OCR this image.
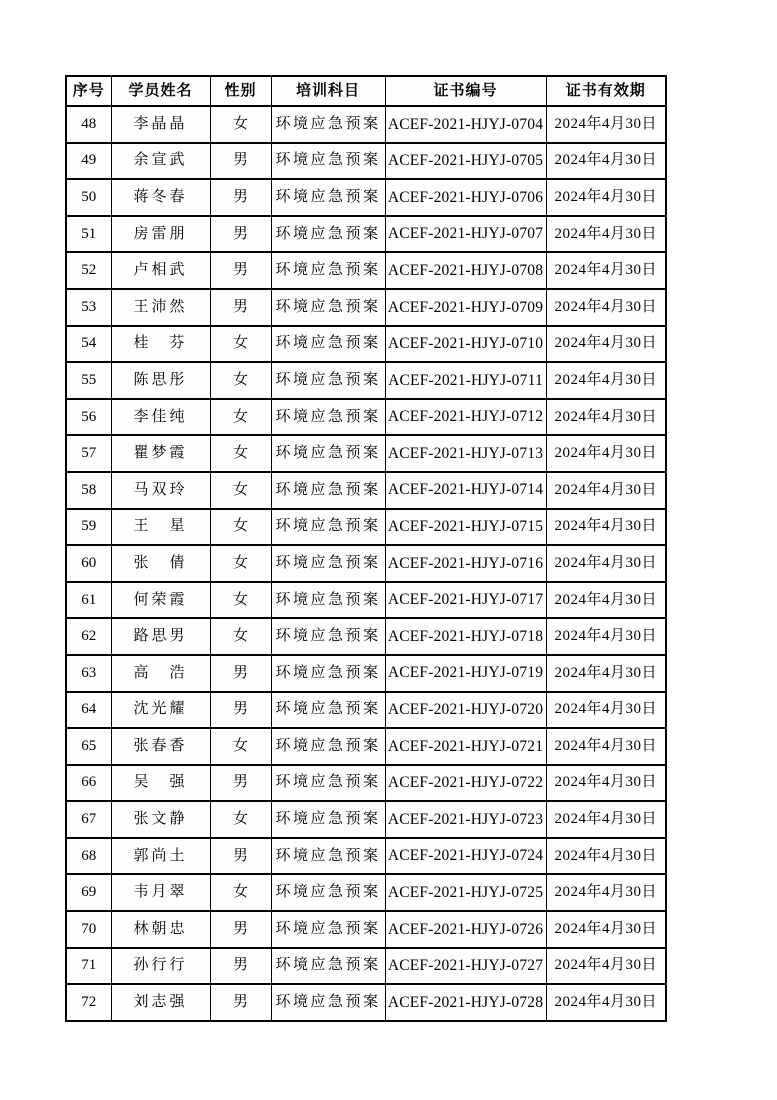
序号	学员姓名	性别	培训科目	证书编号	证书有效期
48	李晶晶	女	环境应急预案	ACEF-2021-HJYJ-0704	2024年4月30日
49	余宣武	男	环境应急预案	ACEF-2021-HJYJ-0705	2024年4月30日
50	蒋冬春	男	环境应急预案	ACEF-2021-HJYJ-0706	2024年4月30日
51	房雷朋	男	环境应急预案	ACEF-2021-HJYJ-0707	2024年4月30日
52	卢相武	男	环境应急预案	ACEF-2021-HJYJ-0708	2024年4月30日
53	王沛然	男	环境应急预案	ACEF-2021-HJYJ-0709	2024年4月30日
54	桂　芬	女	环境应急预案	ACEF-2021-HJYJ-0710	2024年4月30日
55	陈思彤	女	环境应急预案	ACEF-2021-HJYJ-0711	2024年4月30日
56	李佳纯	女	环境应急预案	ACEF-2021-HJYJ-0712	2024年4月30日
57	瞿梦霞	女	环境应急预案	ACEF-2021-HJYJ-0713	2024年4月30日
58	马双玲	女	环境应急预案	ACEF-2021-HJYJ-0714	2024年4月30日
59	王　星	女	环境应急预案	ACEF-2021-HJYJ-0715	2024年4月30日
60	张　倩	女	环境应急预案	ACEF-2021-HJYJ-0716	2024年4月30日
61	何荣霞	女	环境应急预案	ACEF-2021-HJYJ-0717	2024年4月30日
62	路思男	女	环境应急预案	ACEF-2021-HJYJ-0718	2024年4月30日
63	高　浩	男	环境应急预案	ACEF-2021-HJYJ-0719	2024年4月30日
64	沈光耀	男	环境应急预案	ACEF-2021-HJYJ-0720	2024年4月30日
65	张春香	女	环境应急预案	ACEF-2021-HJYJ-0721	2024年4月30日
66	吴　强	男	环境应急预案	ACEF-2021-HJYJ-0722	2024年4月30日
67	张文静	女	环境应急预案	ACEF-2021-HJYJ-0723	2024年4月30日
68	郭尚土	男	环境应急预案	ACEF-2021-HJYJ-0724	2024年4月30日
69	韦月翠	女	环境应急预案	ACEF-2021-HJYJ-0725	2024年4月30日
70	林朝忠	男	环境应急预案	ACEF-2021-HJYJ-0726	2024年4月30日
71	孙行行	男	环境应急预案	ACEF-2021-HJYJ-0727	2024年4月30日
72	刘志强	男	环境应急预案	ACEF-2021-HJYJ-0728	2024年4月30日
